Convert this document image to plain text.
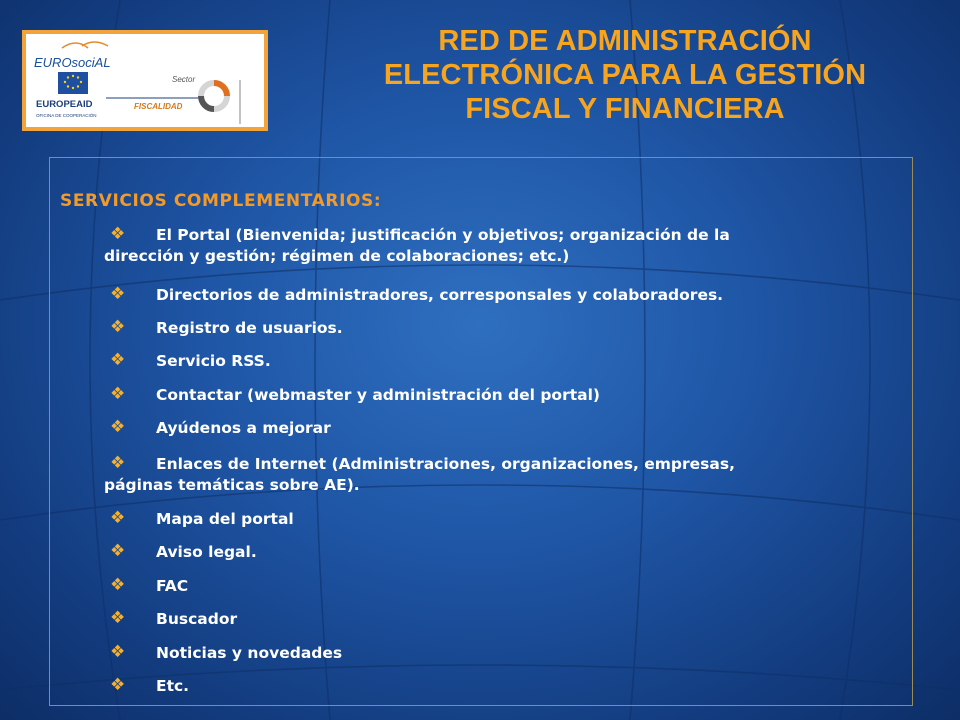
EUROsociAL
EUROPEAID
OFICINA DE COOPERACIÓN
Sector
FISCALIDAD
RED DE ADMINISTRACIÓN
ELECTRÓNICA PARA LA GESTIÓN
FISCAL Y FINANCIERA
SERVICIOS COMPLEMENTARIOS:
❖ El Portal (Bienvenida; justificación y objetivos; organización de la
dirección y gestión; régimen de colaboraciones; etc.)
❖ Directorios de administradores, corresponsales y colaboradores.
❖ Registro de usuarios.
❖ Servicio RSS.
❖ Contactar (webmaster y administración del portal)
❖ Ayúdenos a mejorar
❖ Enlaces de Internet (Administraciones, organizaciones, empresas,
páginas temáticas sobre AE).
❖ Mapa del portal
❖ Aviso legal.
❖ FAC
❖ Buscador
❖ Noticias y novedades
❖ Etc.
